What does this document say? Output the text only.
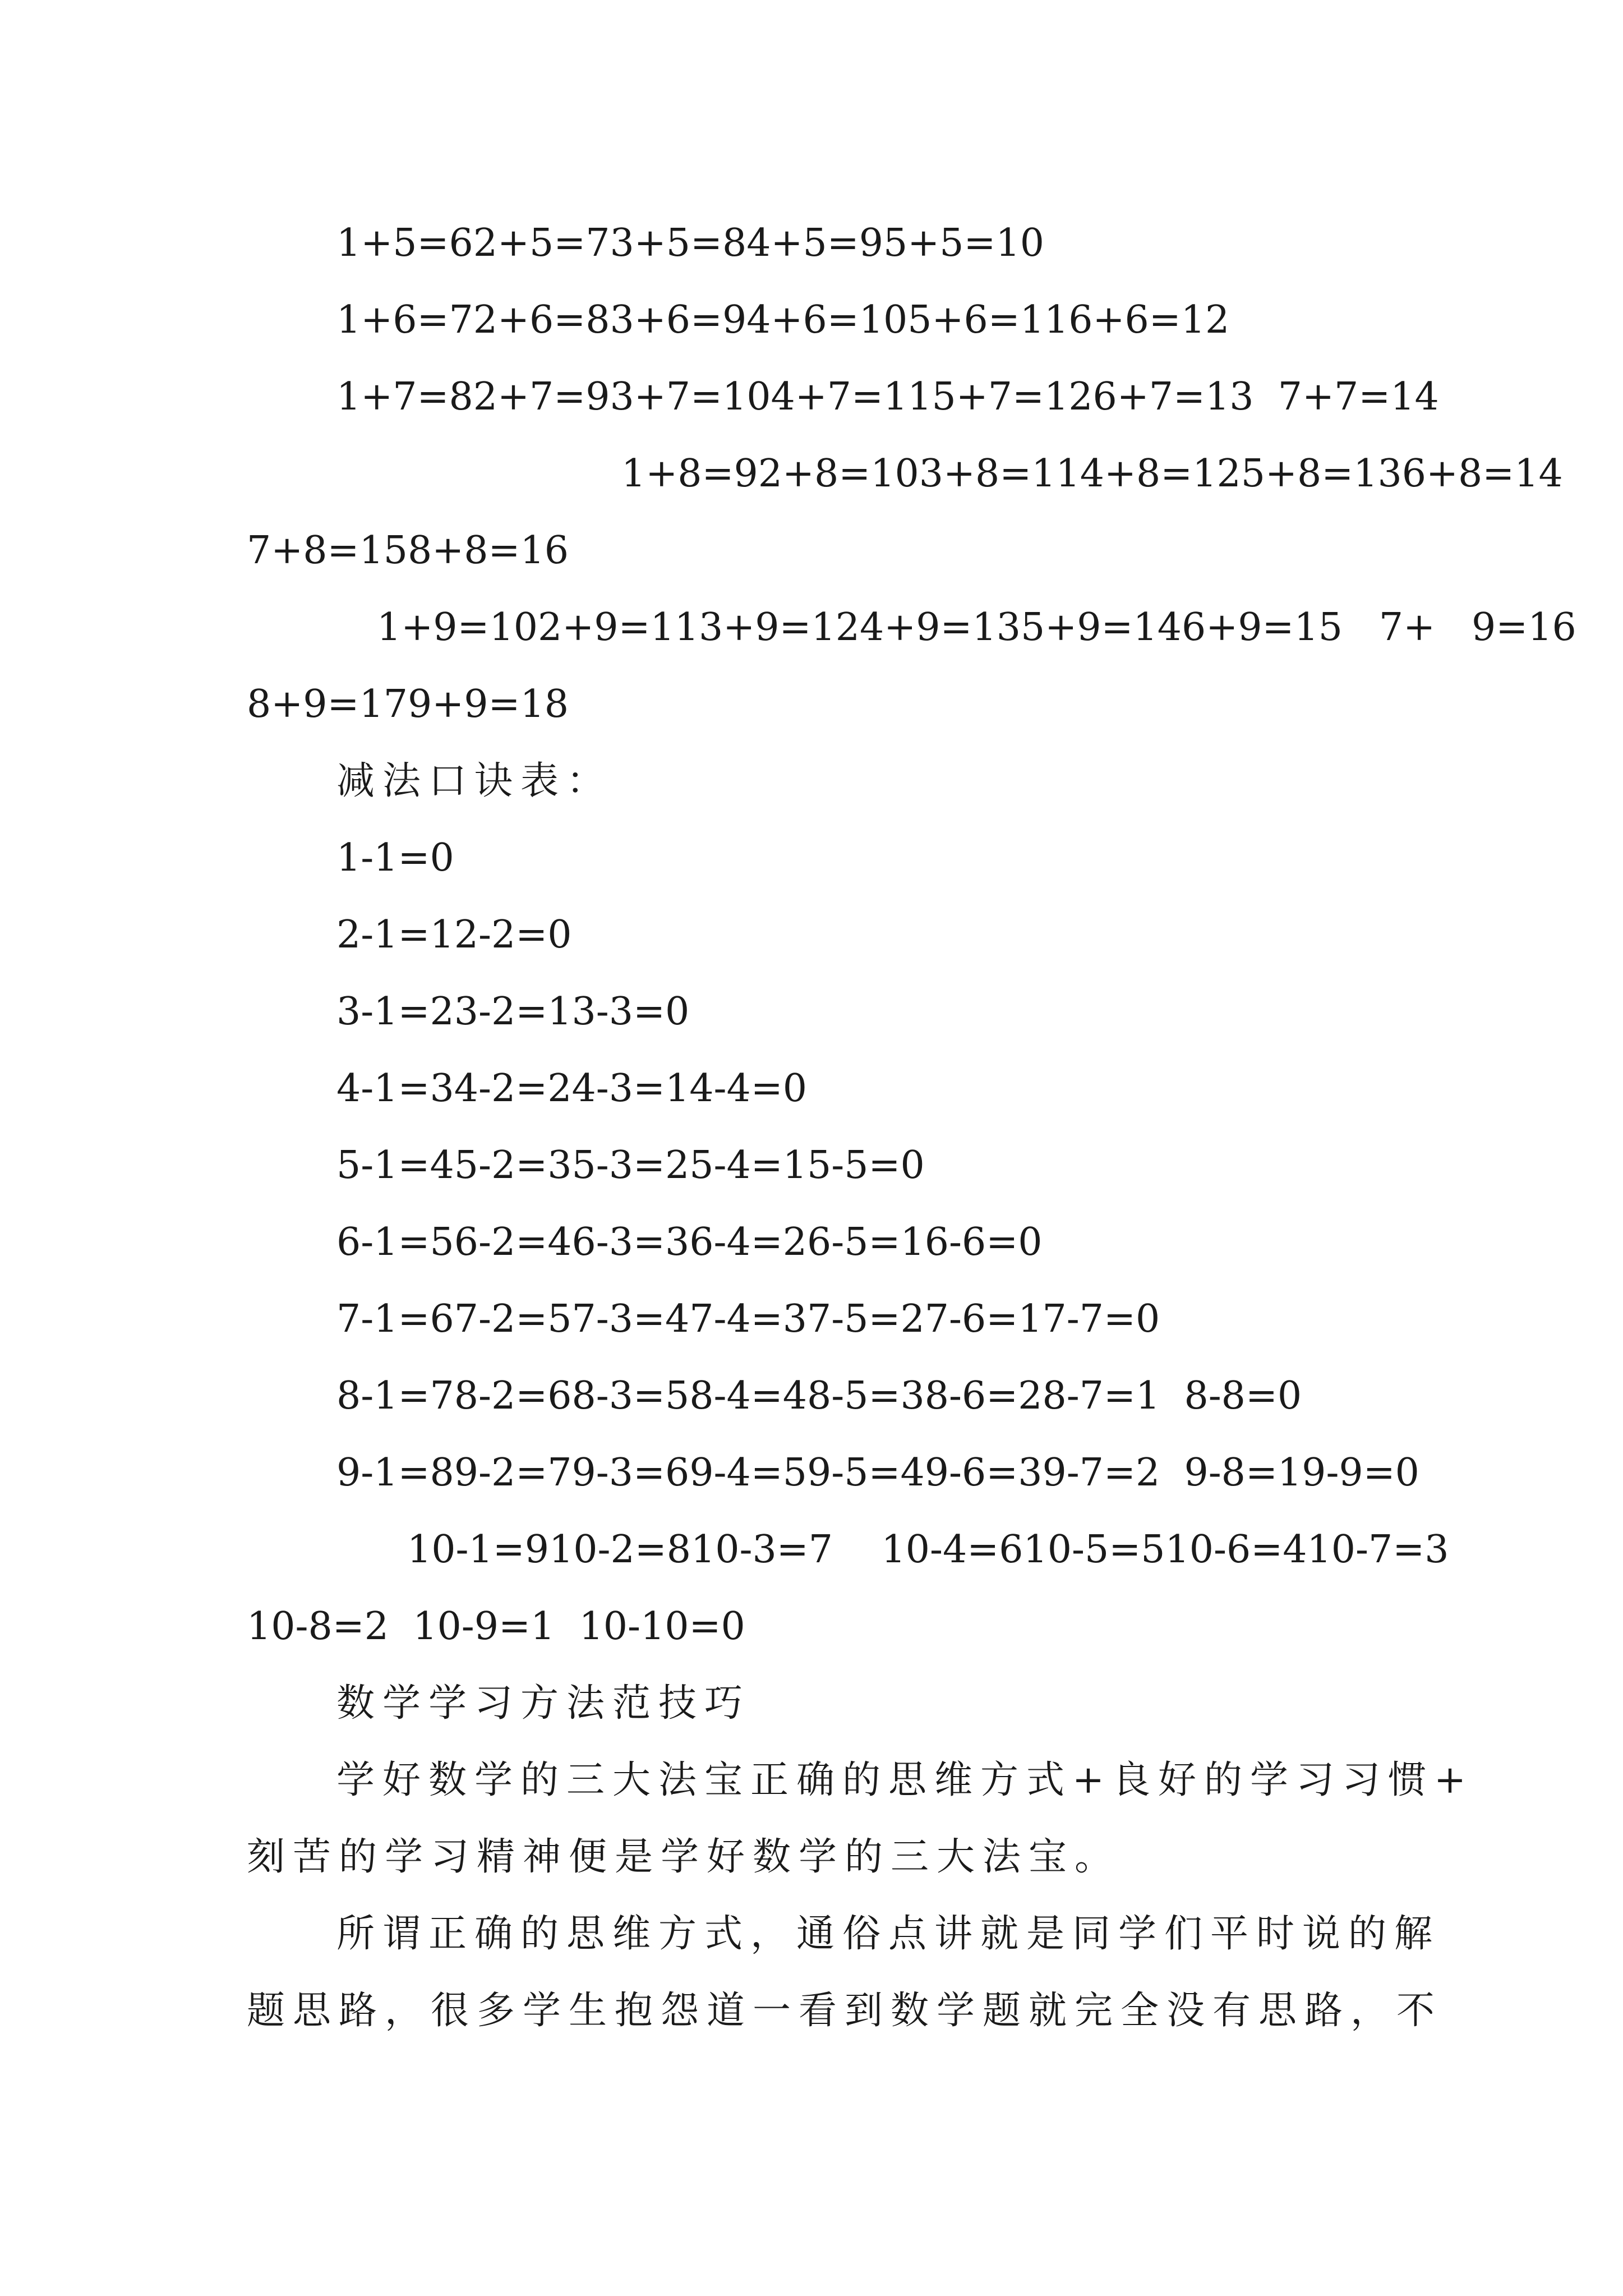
1+5=62+5=73+5=84+5=95+5=10
1+6=72+6=83+6=94+6=105+6=116+6=12
1+7=82+7=93+7=104+7=115+7=126+7=13  7+7=14
1+8=92+8=103+8=114+8=125+8=136+8=14
7+8=158+8=16
1+9=102+9=113+9=124+9=135+9=146+9=15   7+   9=16
8+9=179+9=18
减法口诀表：
1-1=0
2-1=12-2=0
3-1=23-2=13-3=0
4-1=34-2=24-3=14-4=0
5-1=45-2=35-3=25-4=15-5=0
6-1=56-2=46-3=36-4=26-5=16-6=0
7-1=67-2=57-3=47-4=37-5=27-6=17-7=0
8-1=78-2=68-3=58-4=48-5=38-6=28-7=1  8-8=0
9-1=89-2=79-3=69-4=59-5=49-6=39-7=2  9-8=19-9=0
10-1=910-2=810-3=7    10-4=610-5=510-6=410-7=3
10-8=2  10-9=1  10-10=0
数学学习方法范技巧
学好数学的三大法宝正确的思维方式+良好的学习习惯+
刻苦的学习精神便是学好数学的三大法宝。
所谓正确的思维方式，通俗点讲就是同学们平时说的解
题思路，很多学生抱怨道一看到数学题就完全没有思路，不
